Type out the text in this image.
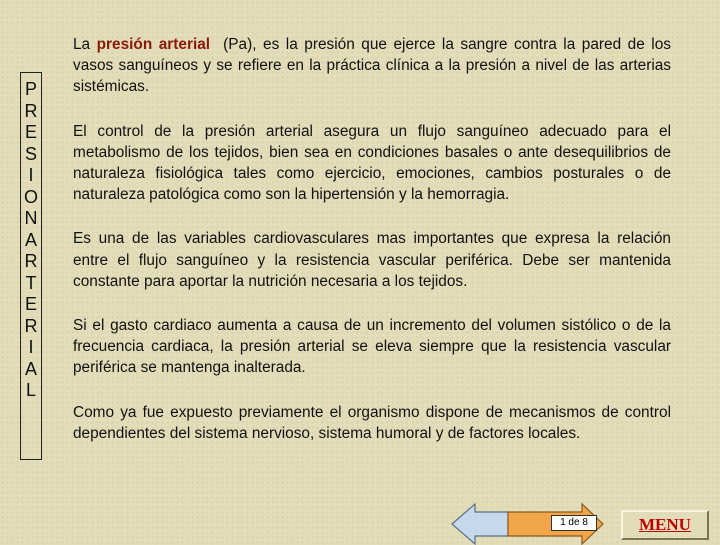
P
R
E
S
I
O
N
A
R
T
E
R
I
A
L

La presión arterial  (Pa), es la presión que ejerce la sangre contra la pared de los vasos sanguíneos y se refiere en la práctica clínica a la presión a nivel de las arterias sistémicas.

El control de la presión arterial asegura un flujo sanguíneo adecuado para el metabolismo de los tejidos, bien sea en condiciones basales o ante desequilibrios de naturaleza fisiológica tales como ejercicio, emociones, cambios posturales o de naturaleza patológica como son la hipertensión y la hemorragia.

Es una de las variables cardiovasculares mas importantes que expresa la relación entre el flujo sanguíneo y la resistencia vascular periférica. Debe ser mantenida constante para aportar la nutrición necesaria a los tejidos.

Si el gasto cardiaco aumenta a causa de un incremento del volumen sistólico o de la frecuencia cardiaca, la presión arterial se eleva siempre que la resistencia vascular periférica se mantenga inalterada.

Como ya fue expuesto previamente el organismo dispone de mecanismos de control dependientes del sistema nervioso, sistema humoral y de factores locales.

1 de 8	MENU
